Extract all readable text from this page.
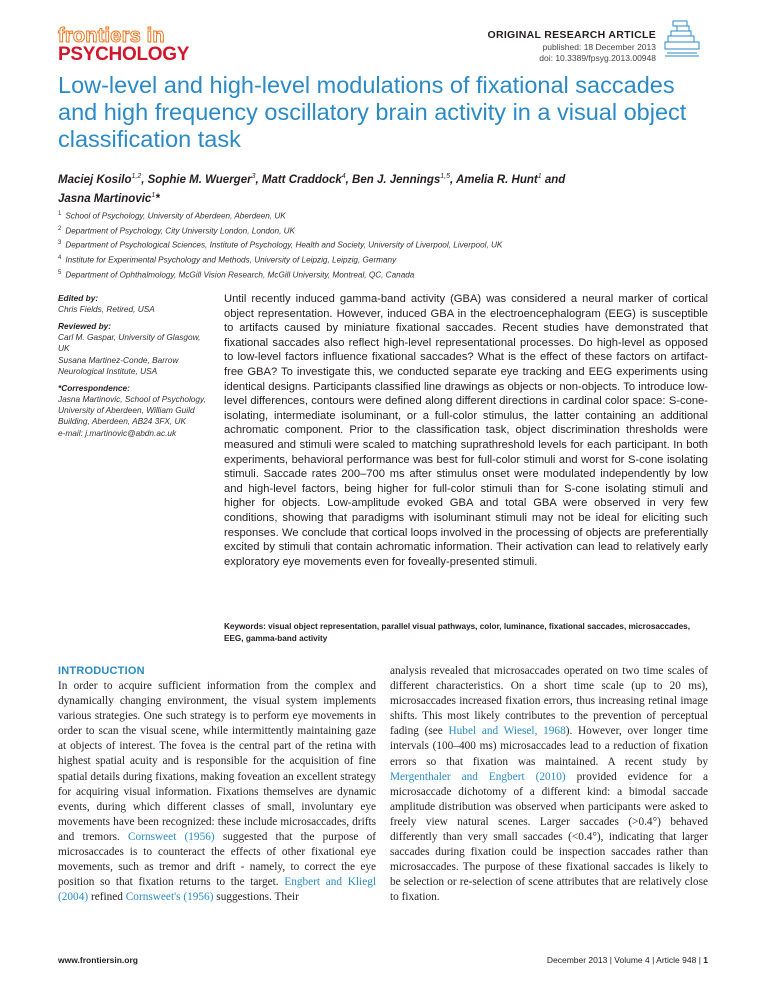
frontiers in
PSYCHOLOGY
ORIGINAL RESEARCH ARTICLE
published: 18 December 2013
doi: 10.3389/fpsyg.2013.00948
Low-level and high-level modulations of fixational saccades and high frequency oscillatory brain activity in a visual object classification task
Maciej Kosilo$^{1,2}$, Sophie M. Wuerger$^3$, Matt Craddock$^4$, Ben J. Jennings$^{1,5}$, Amelia R. Hunt$^1$ and
Jasna Martinovic$^1$*
$^1$ School of Psychology, University of Aberdeen, Aberdeen, UK
$^2$ Department of Psychology, City University London, London, UK
$^3$ Department of Psychological Sciences, Institute of Psychology, Health and Society, University of Liverpool, Liverpool, UK
$^4$ Institute for Experimental Psychology and Methods, University of Leipzig, Leipzig, Germany
$^5$ Department of Ophthalmology, McGill Vision Research, McGill University, Montreal, QC, Canada
Edited by:
Chris Fields, Retired, USA
Reviewed by:
Carl M. Gaspar, University of Glasgow, UK
Susana Martinez-Conde, Barrow Neurological Institute, USA
*Correspondence:
Jasna Martinovic, School of Psychology, University of Aberdeen, William Guild Building, Aberdeen, AB24 3FX, UK
e-mail: j.martinovic@abdn.ac.uk

Until recently induced gamma-band activity (GBA) was considered a neural marker of cortical object representation. However, induced GBA in the electroencephalogram (EEG) is susceptible to artifacts caused by miniature fixational saccades. Recent studies have demonstrated that fixational saccades also reflect high-level representational processes. Do high-level as opposed to low-level factors influence fixational saccades? What is the effect of these factors on artifact-free GBA? To investigate this, we conducted separate eye tracking and EEG experiments using identical designs. Participants classified line drawings as objects or non-objects. To introduce low-level differences, contours were defined along different directions in cardinal color space: S-cone-isolating, intermediate isoluminant, or a full-color stimulus, the latter containing an additional achromatic component. Prior to the classification task, object discrimination thresholds were measured and stimuli were scaled to matching suprathreshold levels for each participant. In both experiments, behavioral performance was best for full-color stimuli and worst for S-cone isolating stimuli. Saccade rates 200–700 ms after stimulus onset were modulated independently by low and high-level factors, being higher for full-color stimuli than for S-cone isolating stimuli and higher for objects. Low-amplitude evoked GBA and total GBA were observed in very few conditions, showing that paradigms with isoluminant stimuli may not be ideal for eliciting such responses. We conclude that cortical loops involved in the processing of objects are preferentially excited by stimuli that contain achromatic information. Their activation can lead to relatively early exploratory eye movements even for foveally-presented stimuli.

Keywords: visual object representation, parallel visual pathways, color, luminance, fixational saccades, microsaccades, EEG, gamma-band activity
INTRODUCTION

In order to acquire sufficient information from the complex and dynamically changing environment, the visual system implements various strategies. One such strategy is to perform eye movements in order to scan the visual scene, while intermittently maintaining gaze at objects of interest. The fovea is the central part of the retina with highest spatial acuity and is responsible for the acquisition of fine spatial details during fixations, making foveation an excellent strategy for acquiring visual information. Fixations themselves are dynamic events, during which different classes of small, involuntary eye movements have been recognized: these include microsaccades, drifts and tremors. Cornsweet (1956) suggested that the purpose of microsaccades is to counteract the effects of other fixational eye movements, such as tremor and drift - namely, to correct the eye position so that fixation returns to the target. Engbert and Kliegl (2004) refined Cornsweet's (1956) suggestions. Their

analysis revealed that microsaccades operated on two time scales of different characteristics. On a short time scale (up to 20 ms), microsaccades increased fixation errors, thus increasing retinal image shifts. This most likely contributes to the prevention of perceptual fading (see Hubel and Wiesel, 1968). However, over longer time intervals (100–400 ms) microsaccades lead to a reduction of fixation errors so that fixation was maintained. A recent study by Mergenthaler and Engbert (2010) provided evidence for a microsaccade dichotomy of a different kind: a bimodal saccade amplitude distribution was observed when participants were asked to freely view natural scenes. Larger saccades (>0.4°) behaved differently than very small saccades (<0.4°), indicating that larger saccades during fixation could be inspection saccades rather than microsaccades. The purpose of these fixational saccades is likely to be selection or re-selection of scene attributes that are relatively close to fixation.

www.frontiersin.org	December 2013 | Volume 4 | Article 948 | 1
